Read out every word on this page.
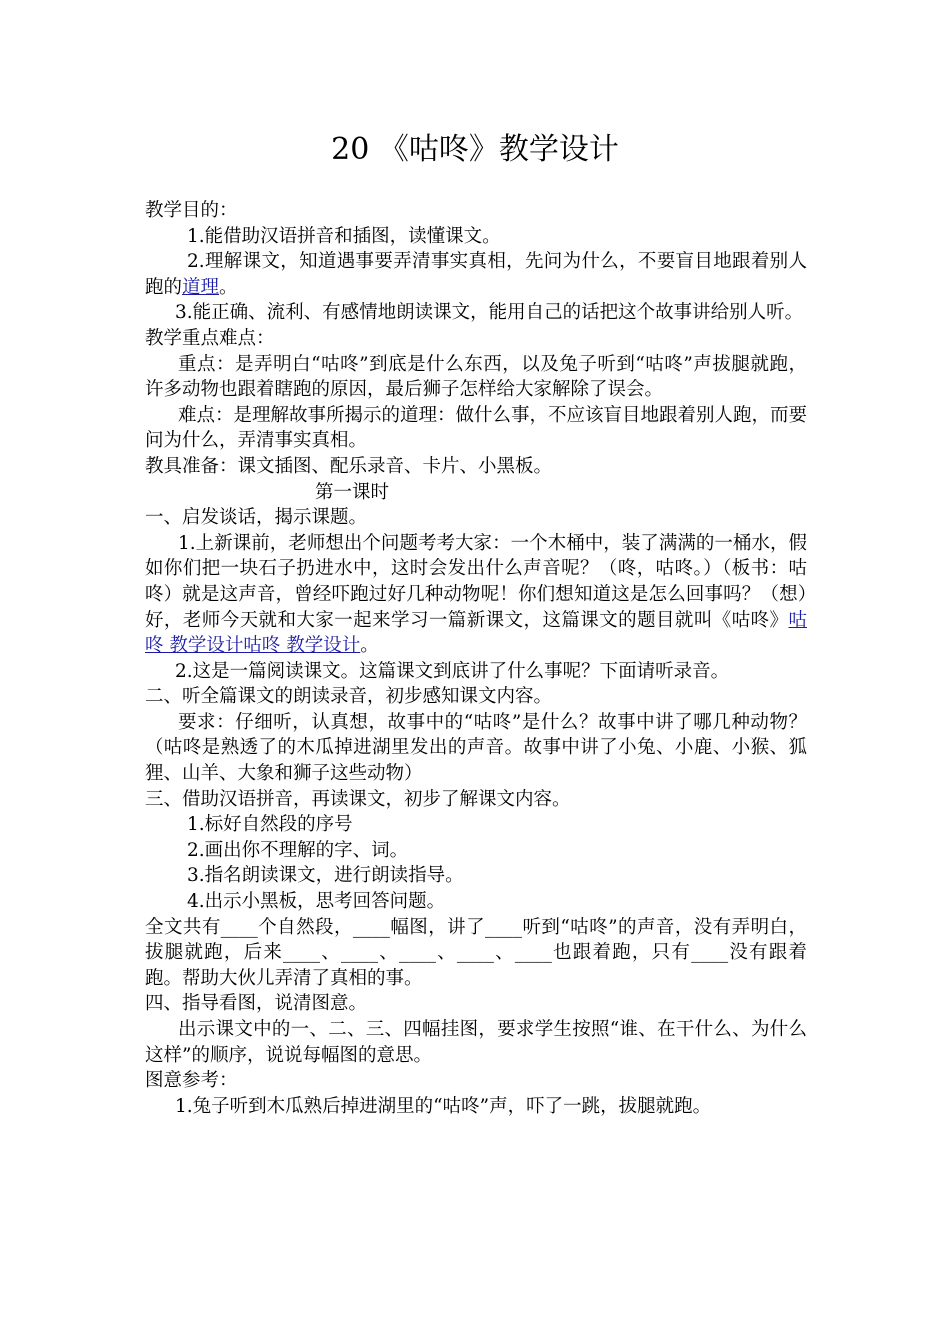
20 《咕咚》教学设计

教学目的：

1.能借助汉语拼音和插图，读懂课文。

2.理解课文，知道遇事要弄清事实真相，先问为什么，不要盲目地跟着别人跑的道理。

3.能正确、流利、有感情地朗读课文，能用自己的话把这个故事讲给别人听。

教学重点难点：

重点：是弄明白“咕咚”到底是什么东西，以及兔子听到“咕咚”声拔腿就跑，许多动物也跟着瞎跑的原因，最后狮子怎样给大家解除了误会。

难点：是理解故事所揭示的道理：做什么事，不应该盲目地跟着别人跑，而要问为什么，弄清事实真相。

教具准备：课文插图、配乐录音、卡片、小黑板。

第一课时

一、启发谈话，揭示课题。

1.上新课前，老师想出个问题考考大家：一个木桶中，装了满满的一桶水，假如你们把一块石子扔进水中，这时会发出什么声音呢？（咚，咕咚。）（板书：咕咚）就是这声音，曾经吓跑过好几种动物呢！你们想知道这是怎么回事吗？（想）好，老师今天就和大家一起来学习一篇新课文，这篇课文的题目就叫《咕咚》咕咚 教学设计咕咚 教学设计。

2.这是一篇阅读课文。这篇课文到底讲了什么事呢？下面请听录音。

二、听全篇课文的朗读录音，初步感知课文内容。

要求：仔细听，认真想，故事中的“咕咚”是什么？故事中讲了哪几种动物？（咕咚是熟透了的木瓜掉进湖里发出的声音。故事中讲了小兔、小鹿、小猴、狐狸、山羊、大象和狮子这些动物）

三、借助汉语拼音，再读课文，初步了解课文内容。

1.标好自然段的序号

2.画出你不理解的字、词。

3.指名朗读课文，进行朗读指导。

4.出示小黑板，思考回答问题。

全文共有____个自然段，____幅图，讲了____听到“咕咚”的声音，没有弄明白，拔腿就跑，后来____、____、____、____、____也跟着跑，只有____没有跟着跑。帮助大伙儿弄清了真相的事。

四、指导看图，说清图意。

出示课文中的一、二、三、四幅挂图，要求学生按照“谁、在干什么、为什么这样”的顺序，说说每幅图的意思。

图意参考：

1.兔子听到木瓜熟后掉进湖里的“咕咚”声，吓了一跳，拔腿就跑。
